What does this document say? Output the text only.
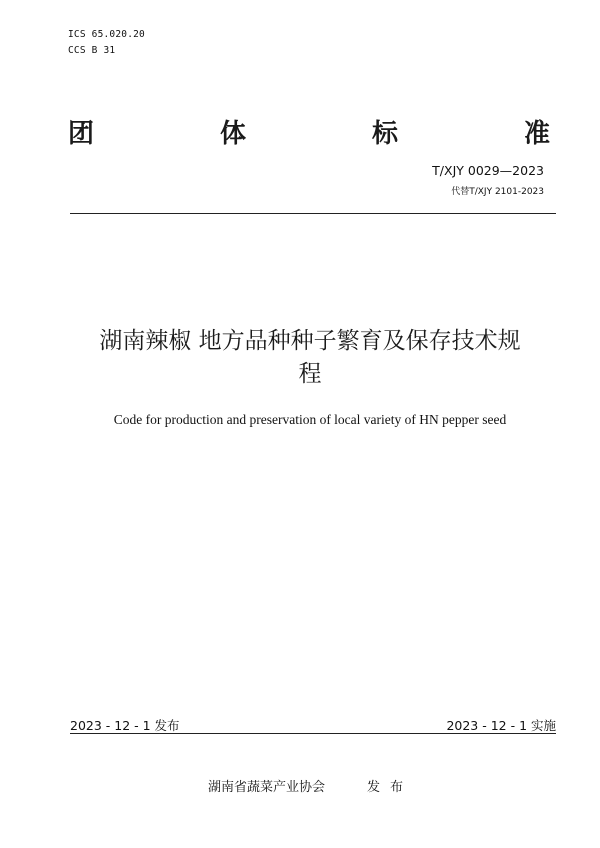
ICS 65.020.20
CCS B 31
团	体	标	准
T/XJY 0029—2023
代替T/XJY 2101-2023
湖南辣椒 地方品种种子繁育及保存技术规
程
Code for production and preservation of local variety of HN pepper seed
2023 - 12 - 1 发布	2023 - 12 - 1 实施
湖南省蔬菜产业协会	发布
